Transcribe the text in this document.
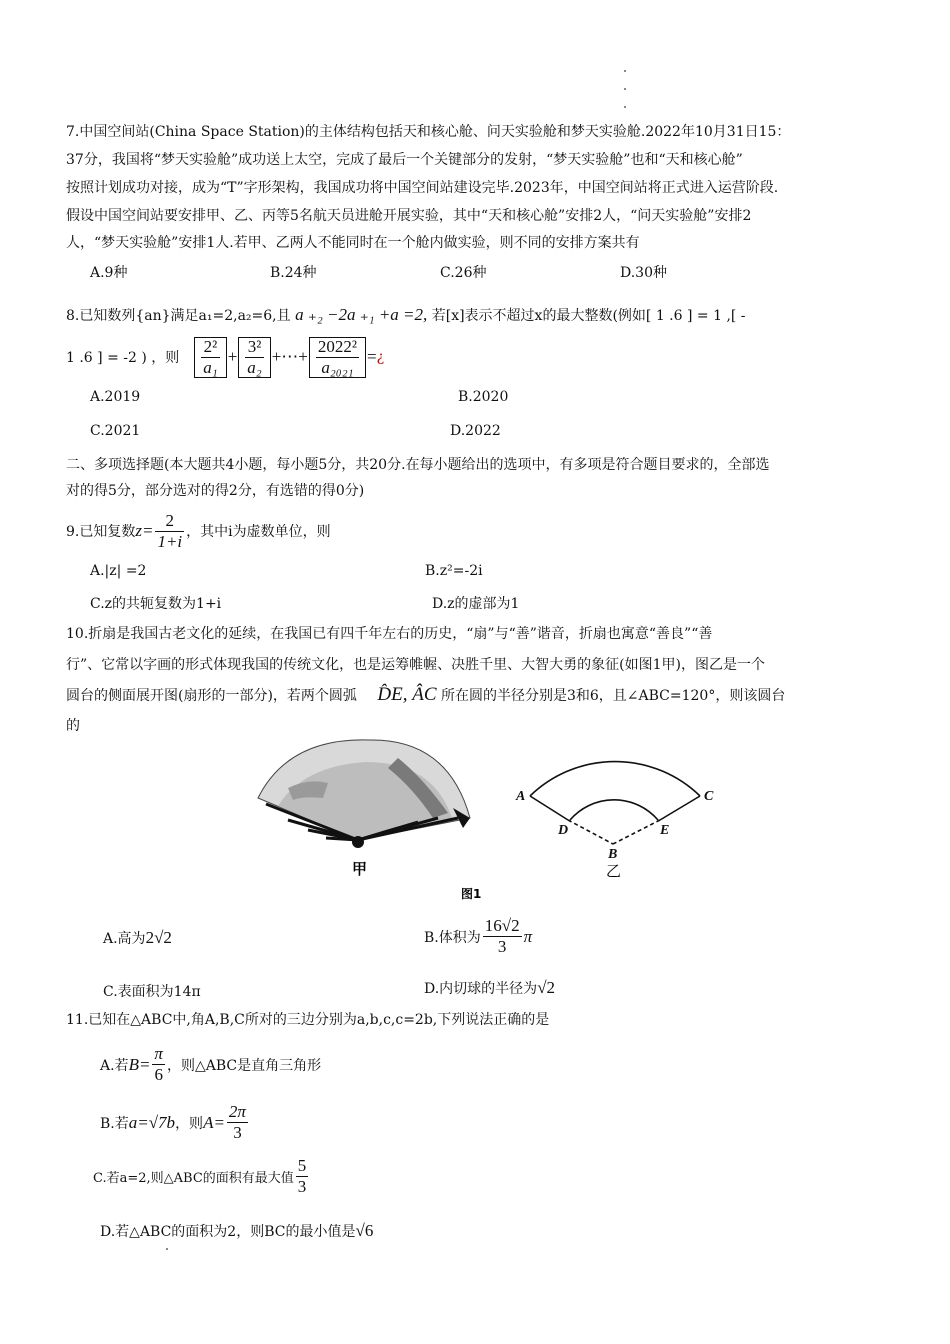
7.中国空间站(China Space Station)的主体结构包括天和核心舱、问天实验舱和梦天实验舱.2022年10月31日15：
37分，我国将“梦天实验舱”成功送上太空，完成了最后一个关键部分的发射，“梦天实验舱”也和“天和核心舱”
按照计划成功对接，成为“T”字形架构，我国成功将中国空间站建设完毕.2023年，中国空间站将正式进入运营阶段.
假设中国空间站要安排甲、乙、丙等5名航天员进舱开展实验，其中“天和核心舱”安排2人，“问天实验舱”安排2
人，“梦天实验舱”安排1人.若甲、乙两人不能同时在一个舱内做实验，则不同的安排方案共有
A.9种	B.24种	C.26种	D.30种
8.已知数列{an}满足a₁=2,a₂=6,且 a ₊₂ −2a ₊₁ +a =2, 若[x]表示不超过x的最大整数(例如[ 1 .6 ] = 1 ,[ -
1 .6 ] = -2 ) ，则 $\frac{\text{2²}}{\text{a₁}} + \frac{\text{3²}}{\text{a₂}}$ +⋯+ $\frac{\text{2022²}}{\text{a₂₀₂₁}}$ = ¿
A.2019	B.2020
C.2021	D.2022
二、多项选择题(本大题共4小题，每小题5分，共20分.在每小题给出的选项中，有多项是符合题目要求的，全部选
对的得5分，部分选对的得2分，有选错的得0分)
9.已知复数 $z= \frac{2}{1+i}$ ，其中i为虚数单位，则
A.|z| =2	B.z²=-2i
C.z的共轭复数为1+i	D.z的虚部为1
10.折扇是我国古老文化的延续，在我国已有四千年左右的历史，“扇”与“善”谐音，折扇也寓意“善良”“善
行”、它常以字画的形式体现我国的传统文化，也是运筹帷幄、决胜千里、大智大勇的象征(如图1甲)，图乙是一个
圆台的侧面展开图(扇形的一部分)，若两个圆弧 D̂E, ÂC 所在圆的半径分别是3和6，且∠ABC=120°，则该圆台
的
甲
图1
A	C
D	E
B
乙
A.高为 2√2	B.体积为 $\frac{16√2}{3}$ π
C.表面积为14π	D.内切球的半径为 √2
11.已知在△ABC中,角A,B,C所对的三边分别为a,b,c,c=2b,下列说法正确的是
A.若 $B= \frac{\pi}{6}$ ，则△ABC是直角三角形
B.若 a=√7b ，则 $A= \frac{2\pi}{3}$
C.若a=2,则△ABC的面积有最大值 $\frac{5}{3}$
D.若△ABC的面积为2，则BC的最小值是 √6
